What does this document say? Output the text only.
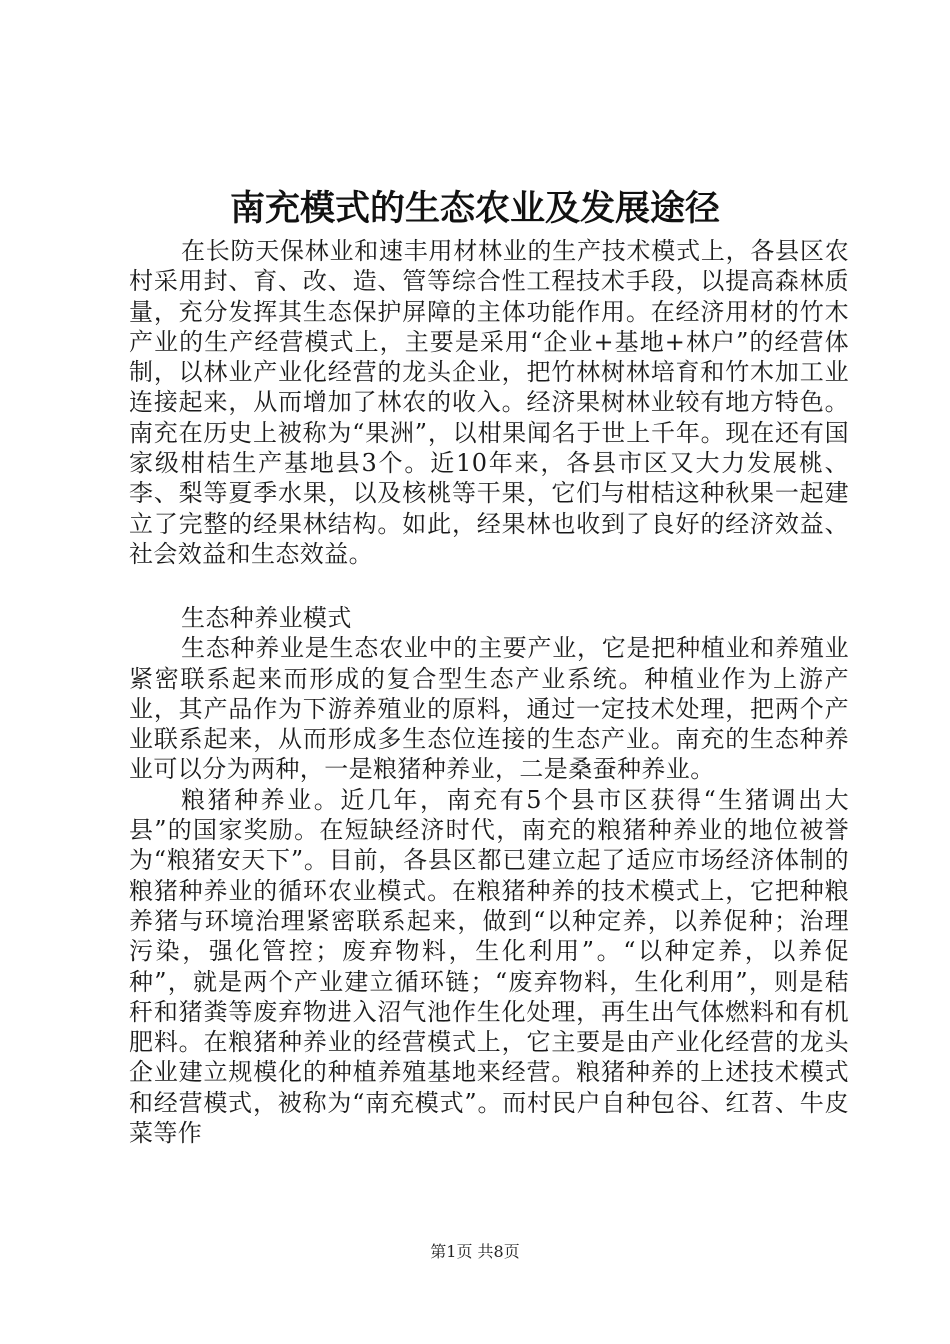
南充模式的生态农业及发展途径

在长防天保林业和速丰用材林业的生产技术模式上，各县区农村采用封、育、改、造、管等综合性工程技术手段，以提高森林质量，充分发挥其生态保护屏障的主体功能作用。在经济用材的竹木产业的生产经营模式上，主要是采用“企业+基地+林户”的经营体制，以林业产业化经营的龙头企业，把竹林树林培育和竹木加工业连接起来，从而增加了林农的收入。经济果树林业较有地方特色。南充在历史上被称为“果洲”，以柑果闻名于世上千年。现在还有国家级柑桔生产基地县3个。近10年来，各县市区又大力发展桃、李、梨等夏季水果，以及核桃等干果，它们与柑桔这种秋果一起建立了完整的经果林结构。如此，经果林也收到了良好的经济效益、社会效益和生态效益。

生态种养业模式

生态种养业是生态农业中的主要产业，它是把种植业和养殖业紧密联系起来而形成的复合型生态产业系统。种植业作为上游产业，其产品作为下游养殖业的原料，通过一定技术处理，把两个产业联系起来，从而形成多生态位连接的生态产业。南充的生态种养业可以分为两种，一是粮猪种养业，二是桑蚕种养业。

粮猪种养业。近几年，南充有5个县市区获得“生猪调出大县”的国家奖励。在短缺经济时代，南充的粮猪种养业的地位被誉为“粮猪安天下”。目前，各县区都已建立起了适应市场经济体制的粮猪种养业的循环农业模式。在粮猪种养的技术模式上，它把种粮养猪与环境治理紧密联系起来，做到“以种定养，以养促种；治理污染，强化管控；废弃物料，生化利用”。“以种定养，以养促种”，就是两个产业建立循环链；“废弃物料，生化利用”，则是秸秆和猪粪等废弃物进入沼气池作生化处理，再生出气体燃料和有机肥料。在粮猪种养业的经营模式上，它主要是由产业化经营的龙头企业建立规模化的种植养殖基地来经营。粮猪种养的上述技术模式和经营模式，被称为“南充模式”。而村民户自种包谷、红苕、牛皮菜等作

第1页 共8页
